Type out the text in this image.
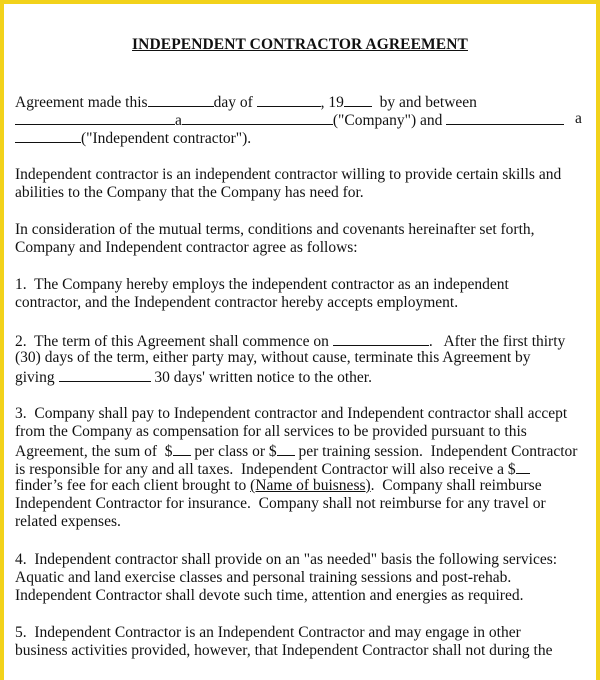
INDEPENDENT CONTRACTOR AGREEMENT
Agreement made this	day of	, 19 by and between
a	("Company") and	a
("Independent contractor").
Independent contractor is an independent contractor willing to provide certain skills and
abilities to the Company that the Company has need for.
In consideration of the mutual terms, conditions and covenants hereinafter set forth,
Company and Independent contractor agree as follows:
1.  The Company hereby employs the independent contractor as an independent
contractor, and the Independent contractor hereby accepts employment.
2.  The term of this Agreement shall commence on	.   After the first thirty
(30) days of the term, either party may, without cause, terminate this Agreement by
giving	30 days' written notice to the other.
3.  Company shall pay to Independent contractor and Independent contractor shall accept
from the Company as compensation for all services to be provided pursuant to this
Agreement, the sum of  $ per class or $ per training session.  Independent Contractor
is responsible for any and all taxes.  Independent Contractor will also receive a $
finder’s fee for each client brought to (Name of buisness).  Company shall reimburse
Independent Contractor for insurance.  Company shall not reimburse for any travel or
related expenses.
4.  Independent contractor shall provide on an "as needed" basis the following services:
Aquatic and land exercise classes and personal training sessions and post-rehab.
Independent Contractor shall devote such time, attention and energies as required.
5.  Independent Contractor is an Independent Contractor and may engage in other
business activities provided, however, that Independent Contractor shall not during the
